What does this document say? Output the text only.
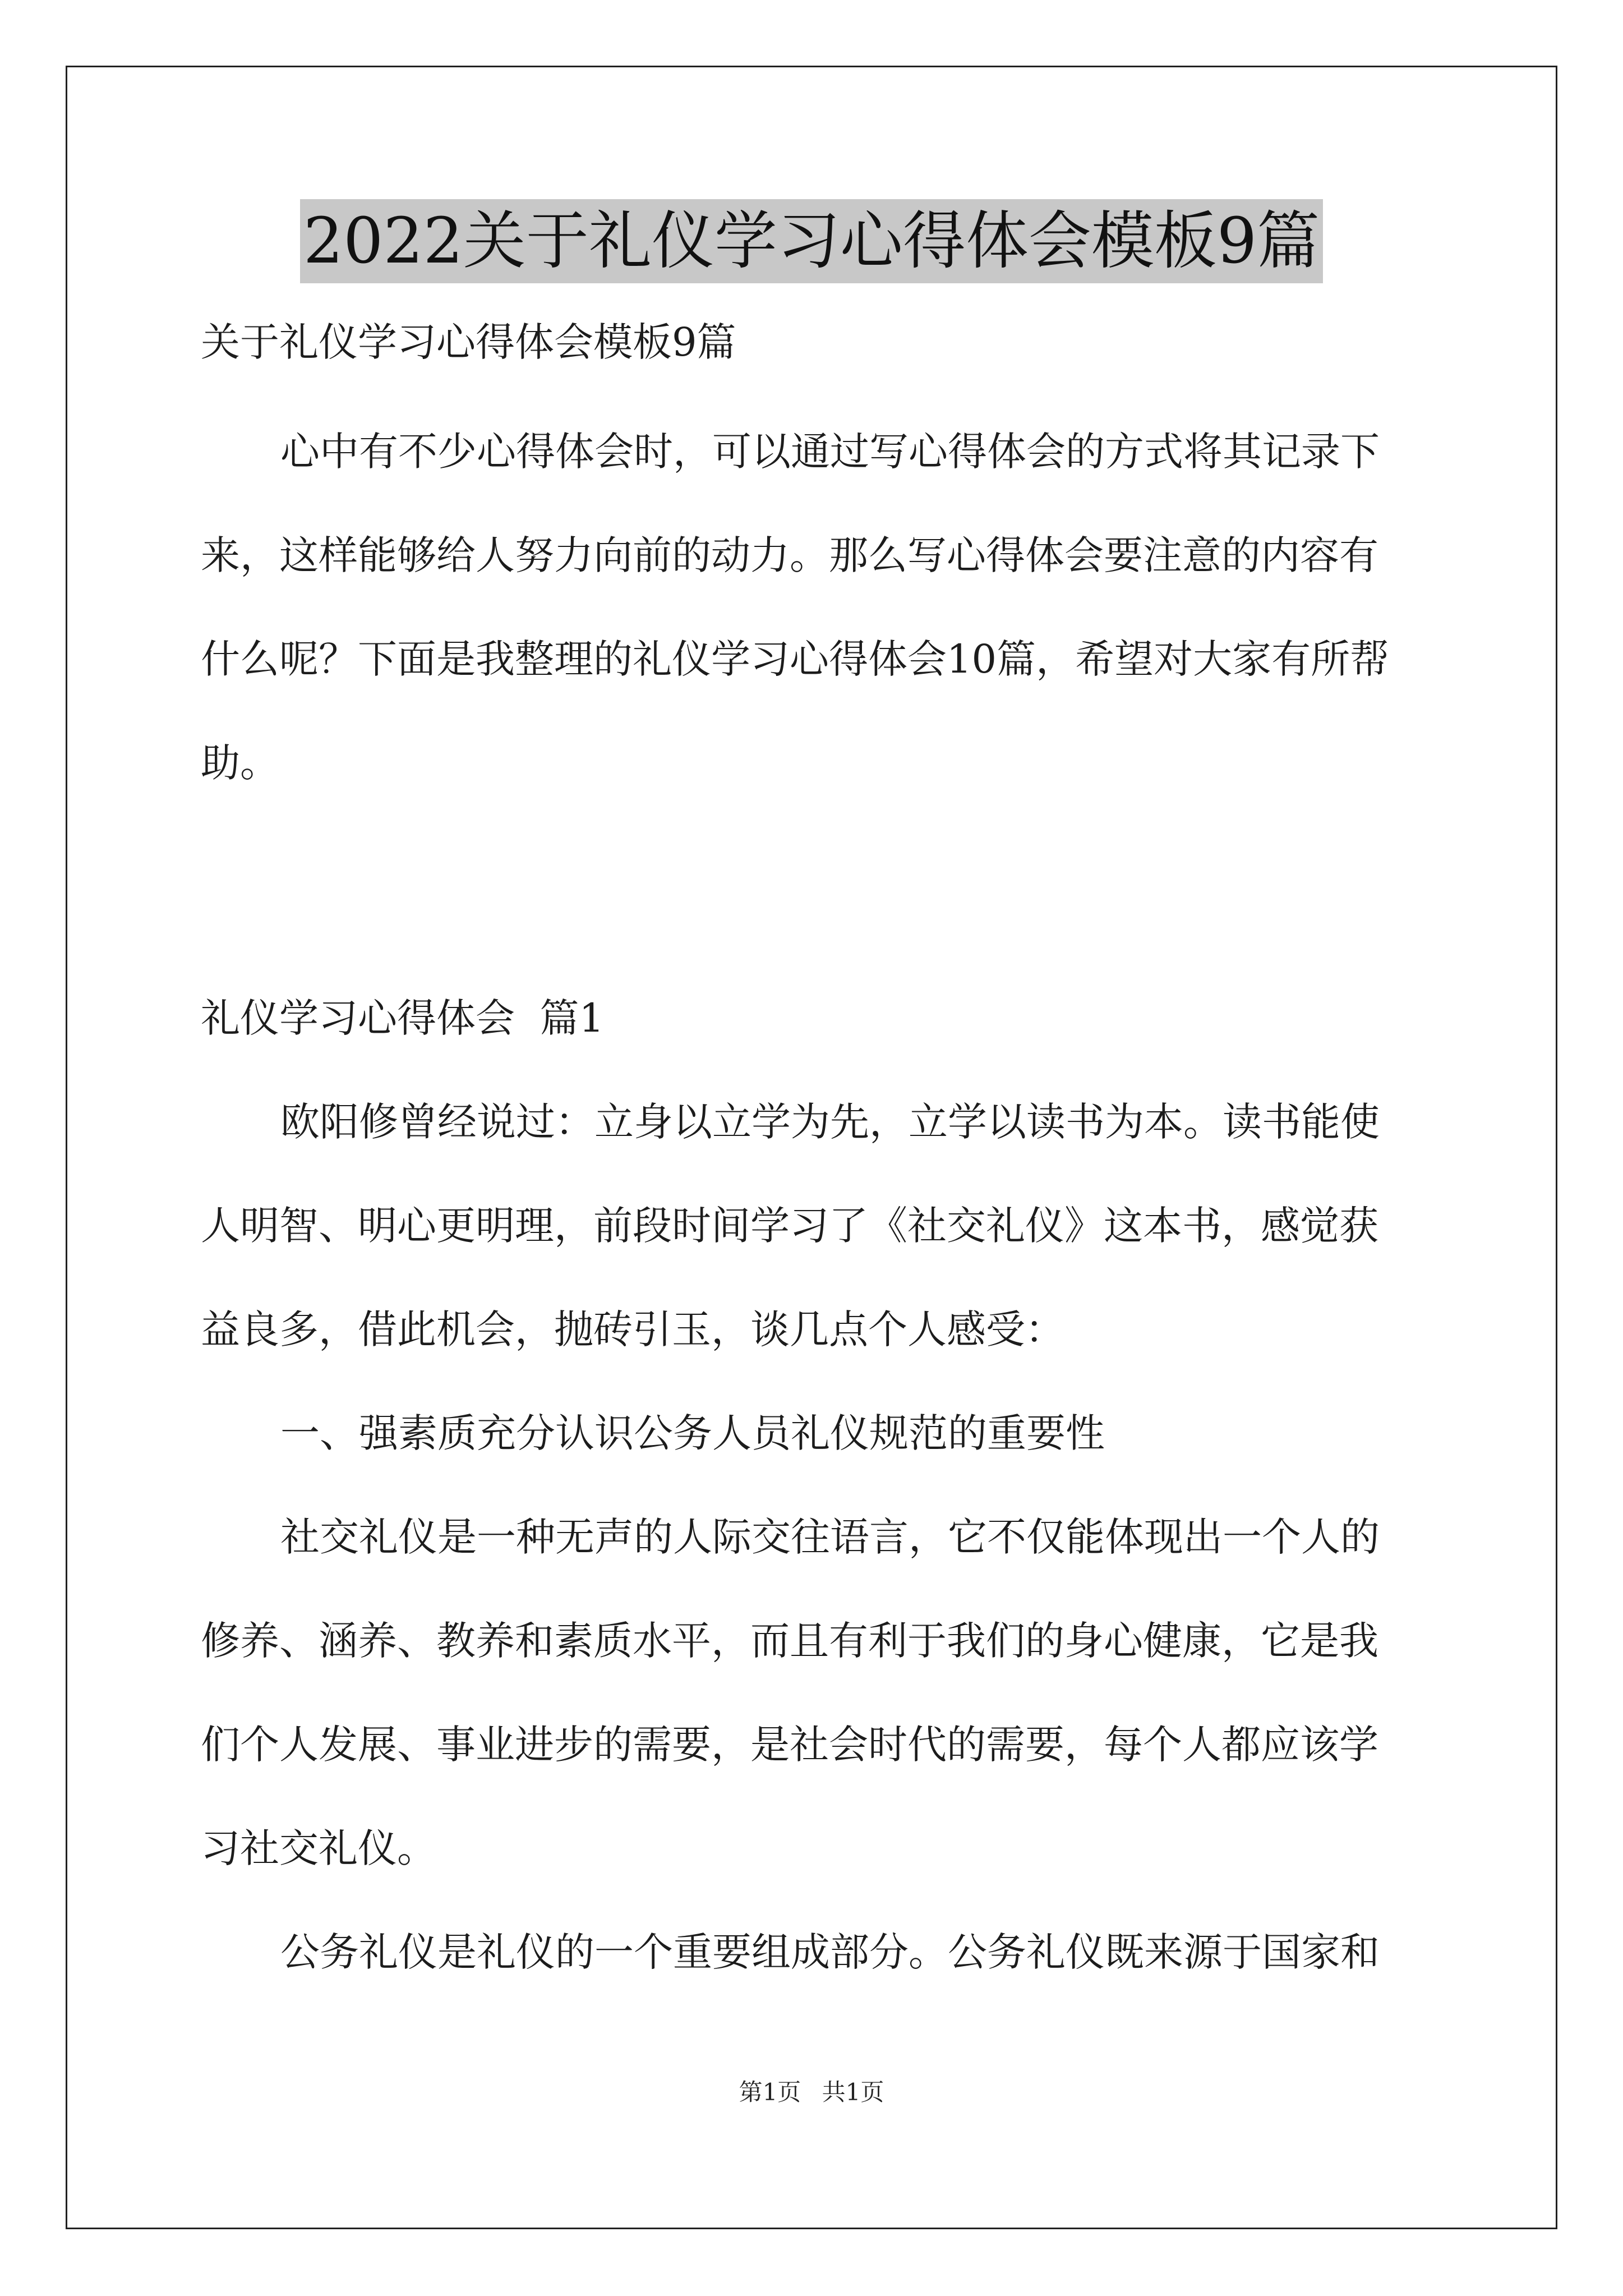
2022关于礼仪学习心得体会模板9篇
关于礼仪学习心得体会模板9篇
心中有不少心得体会时，可以通过写心得体会的方式将其记录下
来，这样能够给人努力向前的动力。那么写心得体会要注意的内容有
什么呢？下面是我整理的礼仪学习心得体会10篇，希望对大家有所帮
助。
礼仪学习心得体会  篇1
欧阳修曾经说过：立身以立学为先，立学以读书为本。读书能使
人明智、明心更明理，前段时间学习了《社交礼仪》这本书，感觉获
益良多，借此机会，抛砖引玉，谈几点个人感受：
一、强素质充分认识公务人员礼仪规范的重要性
社交礼仪是一种无声的人际交往语言，它不仅能体现出一个人的
修养、涵养、教养和素质水平，而且有利于我们的身心健康，它是我
们个人发展、事业进步的需要，是社会时代的需要，每个人都应该学
习社交礼仪。
公务礼仪是礼仪的一个重要组成部分。公务礼仪既来源于国家和
第1页 共1页
